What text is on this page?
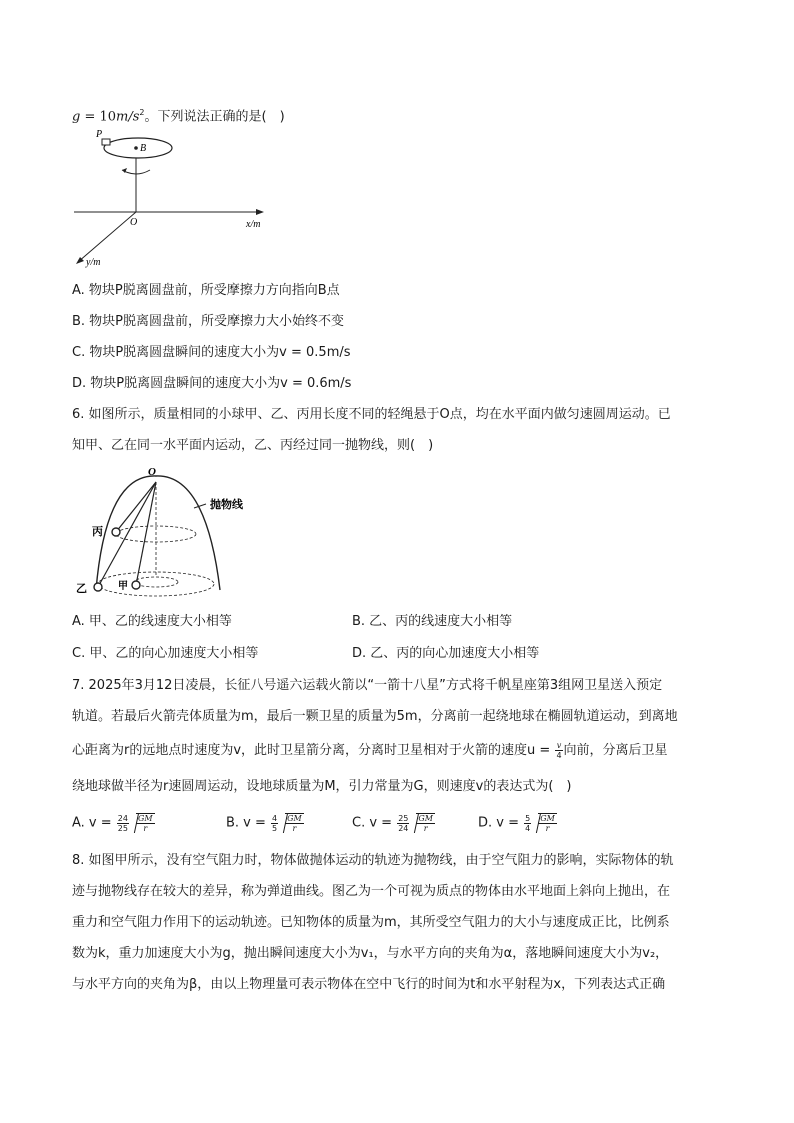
$g = 10m/s^2$。下列说法正确的是(　)
P
B
x/m
O
y/m
A. 物块P脱离圆盘前，所受摩擦力方向指向B点
B. 物块P脱离圆盘前，所受摩擦力大小始终不变
C. 物块P脱离圆盘瞬间的速度大小为v = 0.5m/s
D. 物块P脱离圆盘瞬间的速度大小为v = 0.6m/s
6. 如图所示，质量相同的小球甲、乙、丙用长度不同的轻绳悬于O点，均在水平面内做匀速圆周运动。已
知甲、乙在同一水平面内运动，乙、丙经过同一抛物线，则(　)
O
抛物线
丙
乙	甲
A. 甲、乙的线速度大小相等	B. 乙、丙的线速度大小相等
C. 甲、乙的向心加速度大小相等	D. 乙、丙的向心加速度大小相等
7. 2025年3月12日凌晨，长征八号遥六运载火箭以“一箭十八星”方式将千帆星座第3组网卫星送入预定
轨道。若最后火箭壳体质量为m，最后一颗卫星的质量为5m，分离前一起绕地球在椭圆轨道运动，到离地
心距离为r的远地点时速度为v，此时卫星箭分离，分离时卫星相对于火箭的速度$u = \frac{v}{4}$ 向前，分离后卫星
绕地球做半径为r速圆周运动，设地球质量为M，引力常量为G，则速度v的表达式为(　)
A. $v = \frac{24}{25} \frac{GM}{r}$	B. $v = \frac{4}{5} \frac{GM}{r}$	C. $v = \frac{25}{24} \frac{GM}{r}$	D. $v = \frac{5}{4} \frac{GM}{r}$
8. 如图甲所示，没有空气阻力时，物体做抛体运动的轨迹为抛物线，由于空气阻力的影响，实际物体的轨
迹与抛物线存在较大的差异，称为弹道曲线。图乙为一个可视为质点的物体由水平地面上斜向上抛出，在
重力和空气阻力作用下的运动轨迹。已知物体的质量为m，其所受空气阻力的大小与速度成正比，比例系
数为k，重力加速度大小为g，抛出瞬间速度大小为v₁，与水平方向的夹角为α，落地瞬间速度大小为v₂，
与水平方向的夹角为β，由以上物理量可表示物体在空中飞行的时间为t和水平射程为x，下列表达式正确
